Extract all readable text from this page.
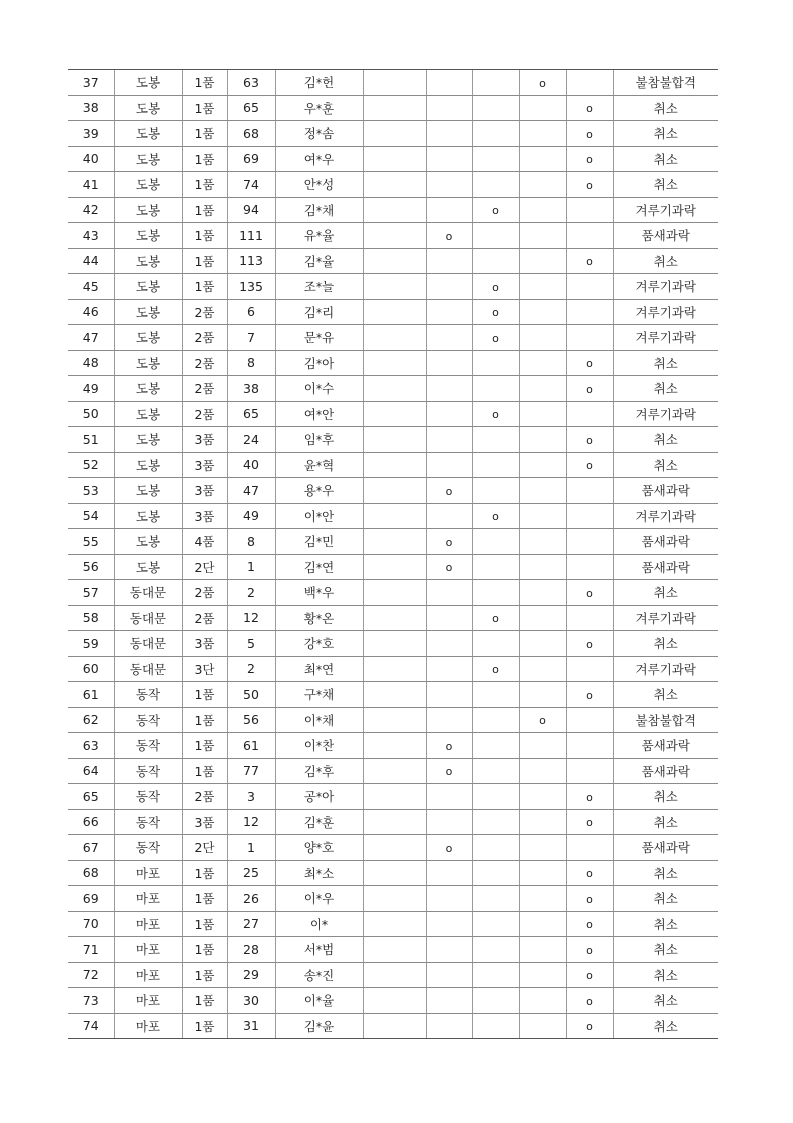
37	도봉	1품	63	김*헌				o		불참불합격
38	도봉	1품	65	우*훈					o	취소
39	도봉	1품	68	정*솜					o	취소
40	도봉	1품	69	여*우					o	취소
41	도봉	1품	74	안*성					o	취소
42	도봉	1품	94	김*채			o			겨루기과락
43	도봉	1품	111	유*율		o				품새과락
44	도봉	1품	113	김*율					o	취소
45	도봉	1품	135	조*늘			o			겨루기과락
46	도봉	2품	6	김*리			o			겨루기과락
47	도봉	2품	7	문*유			o			겨루기과락
48	도봉	2품	8	김*아					o	취소
49	도봉	2품	38	이*수					o	취소
50	도봉	2품	65	여*안			o			겨루기과락
51	도봉	3품	24	임*후					o	취소
52	도봉	3품	40	윤*혁					o	취소
53	도봉	3품	47	용*우		o				품새과락
54	도봉	3품	49	이*안			o			겨루기과락
55	도봉	4품	8	김*민		o				품새과락
56	도봉	2단	1	김*연		o				품새과락
57	동대문	2품	2	백*우					o	취소
58	동대문	2품	12	황*온			o			겨루기과락
59	동대문	3품	5	강*호					o	취소
60	동대문	3단	2	최*연			o			겨루기과락
61	동작	1품	50	구*채					o	취소
62	동작	1품	56	이*채				o		불참불합격
63	동작	1품	61	이*찬		o				품새과락
64	동작	1품	77	김*후		o				품새과락
65	동작	2품	3	공*아					o	취소
66	동작	3품	12	김*훈					o	취소
67	동작	2단	1	양*호		o				품새과락
68	마포	1품	25	최*소					o	취소
69	마포	1품	26	이*우					o	취소
70	마포	1품	27	이*					o	취소
71	마포	1품	28	서*범					o	취소
72	마포	1품	29	송*진					o	취소
73	마포	1품	30	이*율					o	취소
74	마포	1품	31	김*윤					o	취소
